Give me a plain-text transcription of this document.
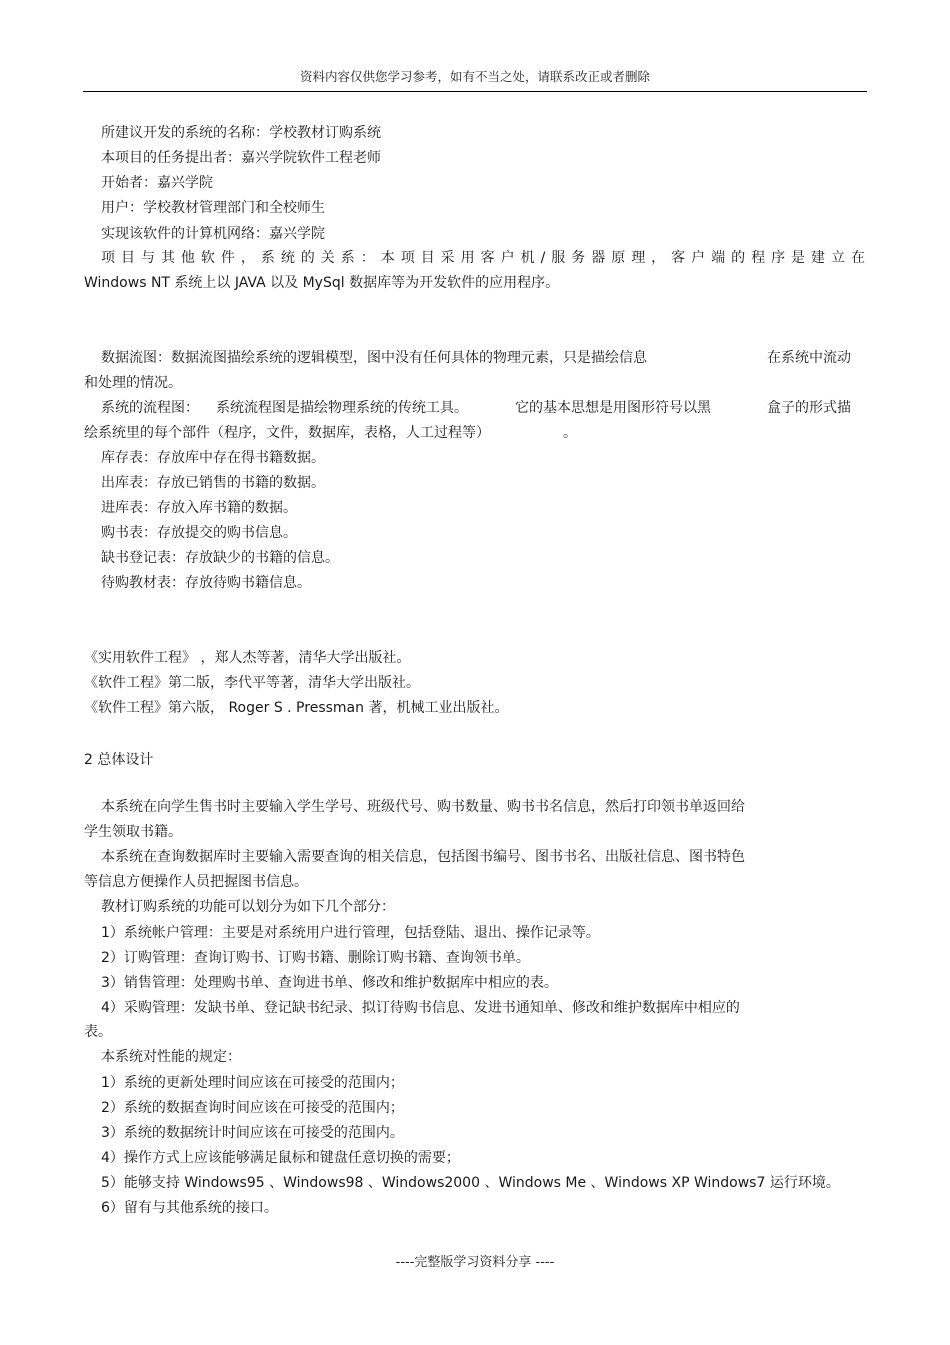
资料内容仅供您学习参考，如有不当之处，请联系改正或者删除
所建议开发的系统的名称：学校教材订购系统
本项目的任务提出者：嘉兴学院软件工程老师
开始者：嘉兴学院
用户：学校教材管理部门和全校师生
实现该软件的计算机网络：嘉兴学院
项目与其他软件，系统的关系：本项目采用客户机/服务器原理，客户端的程序是建立在
Windows NT 系统上以 JAVA 以及 MySql 数据库等为开发软件的应用程序。
数据流图：数据流图描绘系统的逻辑模型，图中没有任何具体的物理元素，只是描绘信息	在系统中流动
和处理的情况。
系统的流程图： 系统流程图是描绘物理系统的传统工具。	它的基本思想是用图形符号以黑	盒子的形式描
绘系统里的每个部件（程序，文件，数据库，表格，人工过程等）	。
库存表：存放库中存在得书籍数据。
出库表：存放已销售的书籍的数据。
进库表：存放入库书籍的数据。
购书表：存放提交的购书信息。
缺书登记表：存放缺少的书籍的信息。
待购教材表：存放待购书籍信息。
《实用软件工程》 ，郑人杰等著，清华大学出版社。
《软件工程》第二版，李代平等著，清华大学出版社。
《软件工程》第六版， Roger S . Pressman 著，机械工业出版社。
2 总体设计
本系统在向学生售书时主要输入学生学号、班级代号、购书数量、购书书名信息，然后打印领书单返回给
学生领取书籍。
本系统在查询数据库时主要输入需要查询的相关信息，包括图书编号、图书书名、出版社信息、图书特色
等信息方便操作人员把握图书信息。
教材订购系统的功能可以划分为如下几个部分：
1）系统帐户管理：主要是对系统用户进行管理，包括登陆、退出、操作记录等。
2）订购管理：查询订购书、订购书籍、删除订购书籍、查询领书单。
3）销售管理：处理购书单、查询进书单、修改和维护数据库中相应的表。
4）采购管理：发缺书单、登记缺书纪录、拟订待购书信息、发进书通知单、修改和维护数据库中相应的
表。
本系统对性能的规定：
1）系统的更新处理时间应该在可接受的范围内；
2）系统的数据查询时间应该在可接受的范围内；
3）系统的数据统计时间应该在可接受的范围内。
4）操作方式上应该能够满足鼠标和键盘任意切换的需要；
5）能够支持 Windows95 、Windows98 、Windows2000 、Windows Me 、Windows XP Windows7 运行环境。
6）留有与其他系统的接口。
----完整版学习资料分享 ----
